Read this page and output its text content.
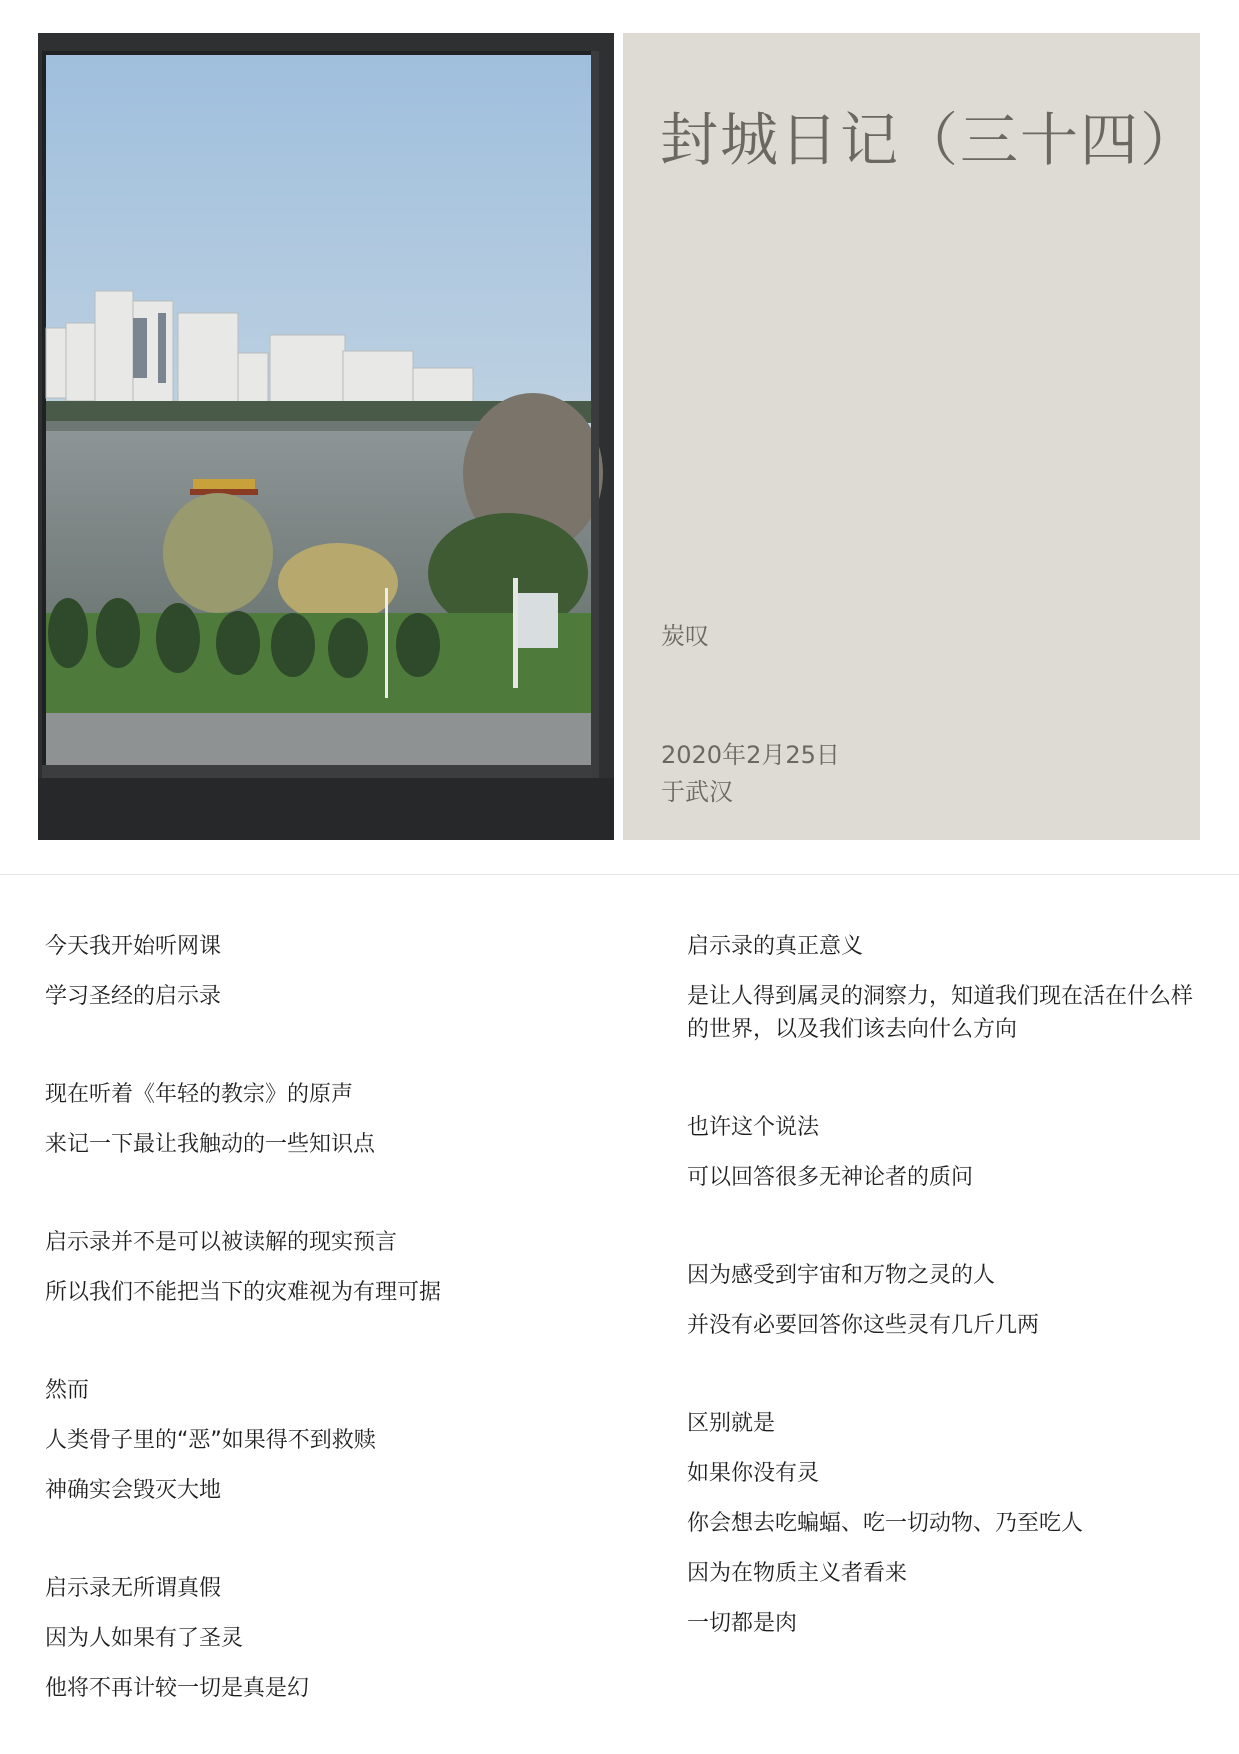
封城日记（三十四）
炭叹
2020年2月25日
于武汉

今天我开始听网课

学习圣经的启示录

现在听着《年轻的教宗》的原声

来记一下最让我触动的一些知识点

启示录并不是可以被读解的现实预言

所以我们不能把当下的灾难视为有理可据

然而

人类骨子里的“恶”如果得不到救赎

神确实会毁灭大地

启示录无所谓真假

因为人如果有了圣灵

他将不再计较一切是真是幻

启示录的真正意义

是让人得到属灵的洞察力，知道我们现在活在什么样的世界，以及我们该去向什么方向

也许这个说法

可以回答很多无神论者的质问

因为感受到宇宙和万物之灵的人

并没有必要回答你这些灵有几斤几两

区别就是

如果你没有灵

你会想去吃蝙蝠、吃一切动物、乃至吃人

因为在物质主义者看来

一切都是肉
